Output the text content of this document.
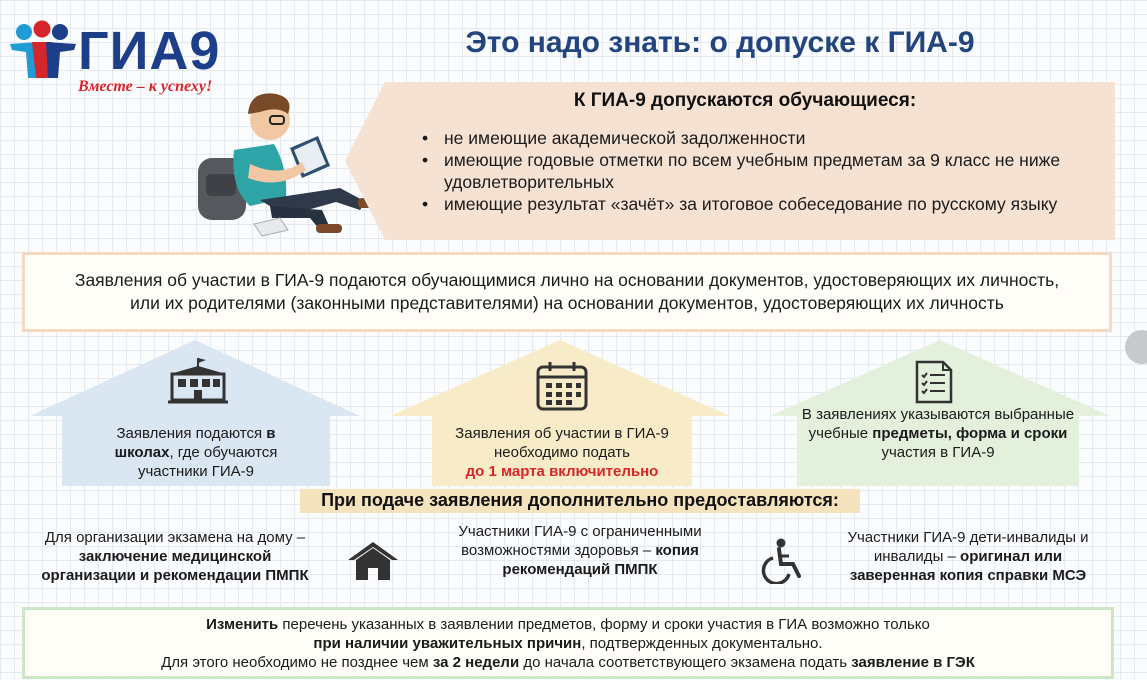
ГИА9
Вместе – к успеху!
Это надо знать: о допуске к ГИА-9
К ГИА-9 допускаются обучающиеся:
• не имеющие академической задолженности
• имеющие годовые отметки по всем учебным предметам за 9 класс не ниже удовлетворительных
• имеющие результат «зачёт» за итоговое собеседование по русскому языку
Заявления об участии в ГИА-9 подаются обучающимися лично на основании документов, удостоверяющих их личность, или их родителями (законными представителями) на основании документов, удостоверяющих их личность
Заявления подаются в школах, где обучаются участники ГИА-9
Заявления об участии в ГИА-9 необходимо подать
до 1 марта включительно
В заявлениях указываются выбранные учебные предметы, форма и сроки участия в ГИА-9
При подаче заявления дополнительно предоставляются:
Для организации экзамена на дому – заключение медицинской организации и рекомендации ПМПК
Участники ГИА-9 с ограниченными возможностями здоровья – копия рекомендаций ПМПК
Участники ГИА-9 дети-инвалиды и инвалиды – оригинал или заверенная копия справки МСЭ
Изменить перечень указанных в заявлении предметов, форму и сроки участия в ГИА возможно только
при наличии уважительных причин, подтвержденных документально.
Для этого необходимо не позднее чем за 2 недели до начала соответствующего экзамена подать заявление в ГЭК
